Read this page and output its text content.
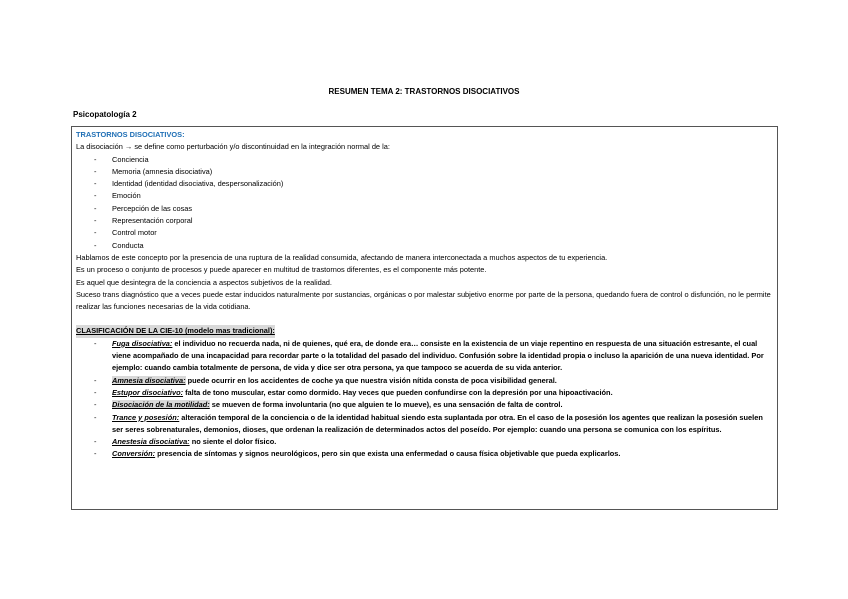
RESUMEN TEMA 2: TRASTORNOS DISOCIATIVOS
Psicopatología 2

TRASTORNOS DISOCIATIVOS:

La disociación → se define como perturbación y/o discontinuidad en la integración normal de la:

- Conciencia
- Memoria (amnesia disociativa)
- Identidad (identidad disociativa, despersonalización)
- Emoción
- Percepción de las cosas
- Representación corporal
- Control motor
- Conducta

Hablamos de este concepto por la presencia de una ruptura de la realidad consumida, afectando de manera interconectada a muchos aspectos de tu experiencia.

Es un proceso o conjunto de procesos y puede aparecer en multitud de trastornos diferentes, es el componente más potente.

Es aquel que desintegra de la conciencia a aspectos subjetivos de la realidad.

Suceso trans diagnóstico que a veces puede estar inducidos naturalmente por sustancias, orgánicas o por malestar subjetivo enorme por parte de la persona, quedando fuera de control o disfunción, no le permite realizar las funciones necesarias de la vida cotidiana.

CLASIFICACIÓN DE LA CIE-10 (modelo mas tradicional):

- Fuga disociativa: el individuo no recuerda nada, ni de quienes, qué era, de donde era… consiste en la existencia de un viaje repentino en respuesta de una situación estresante, el cual viene acompañado de una incapacidad para recordar parte o la totalidad del pasado del individuo. Confusión sobre la identidad propia o incluso la aparición de una nueva identidad. Por ejemplo: cuando cambia totalmente de persona, de vida y dice ser otra persona, ya que tampoco se acuerda de su vida anterior.
- Amnesia disociativa: puede ocurrir en los accidentes de coche ya que nuestra visión nítida consta de poca visibilidad general.
- Estupor disociativo: falta de tono muscular, estar como dormido. Hay veces que pueden confundirse con la depresión por una hipoactivación.
- Disociación de la motilidad: se mueven de forma involuntaria (no que alguien te lo mueve), es una sensación de falta de control.
- Trance y posesión: alteración temporal de la conciencia o de la identidad habitual siendo esta suplantada por otra. En el caso de la posesión los agentes que realizan la posesión suelen ser seres sobrenaturales, demonios, dioses, que ordenan la realización de determinados actos del poseído. Por ejemplo: cuando una persona se comunica con los espíritus.
- Anestesia disociativa: no siente el dolor físico.
- Conversión: presencia de síntomas y signos neurológicos, pero sin que exista una enfermedad o causa física objetivable que pueda explicarlos.
